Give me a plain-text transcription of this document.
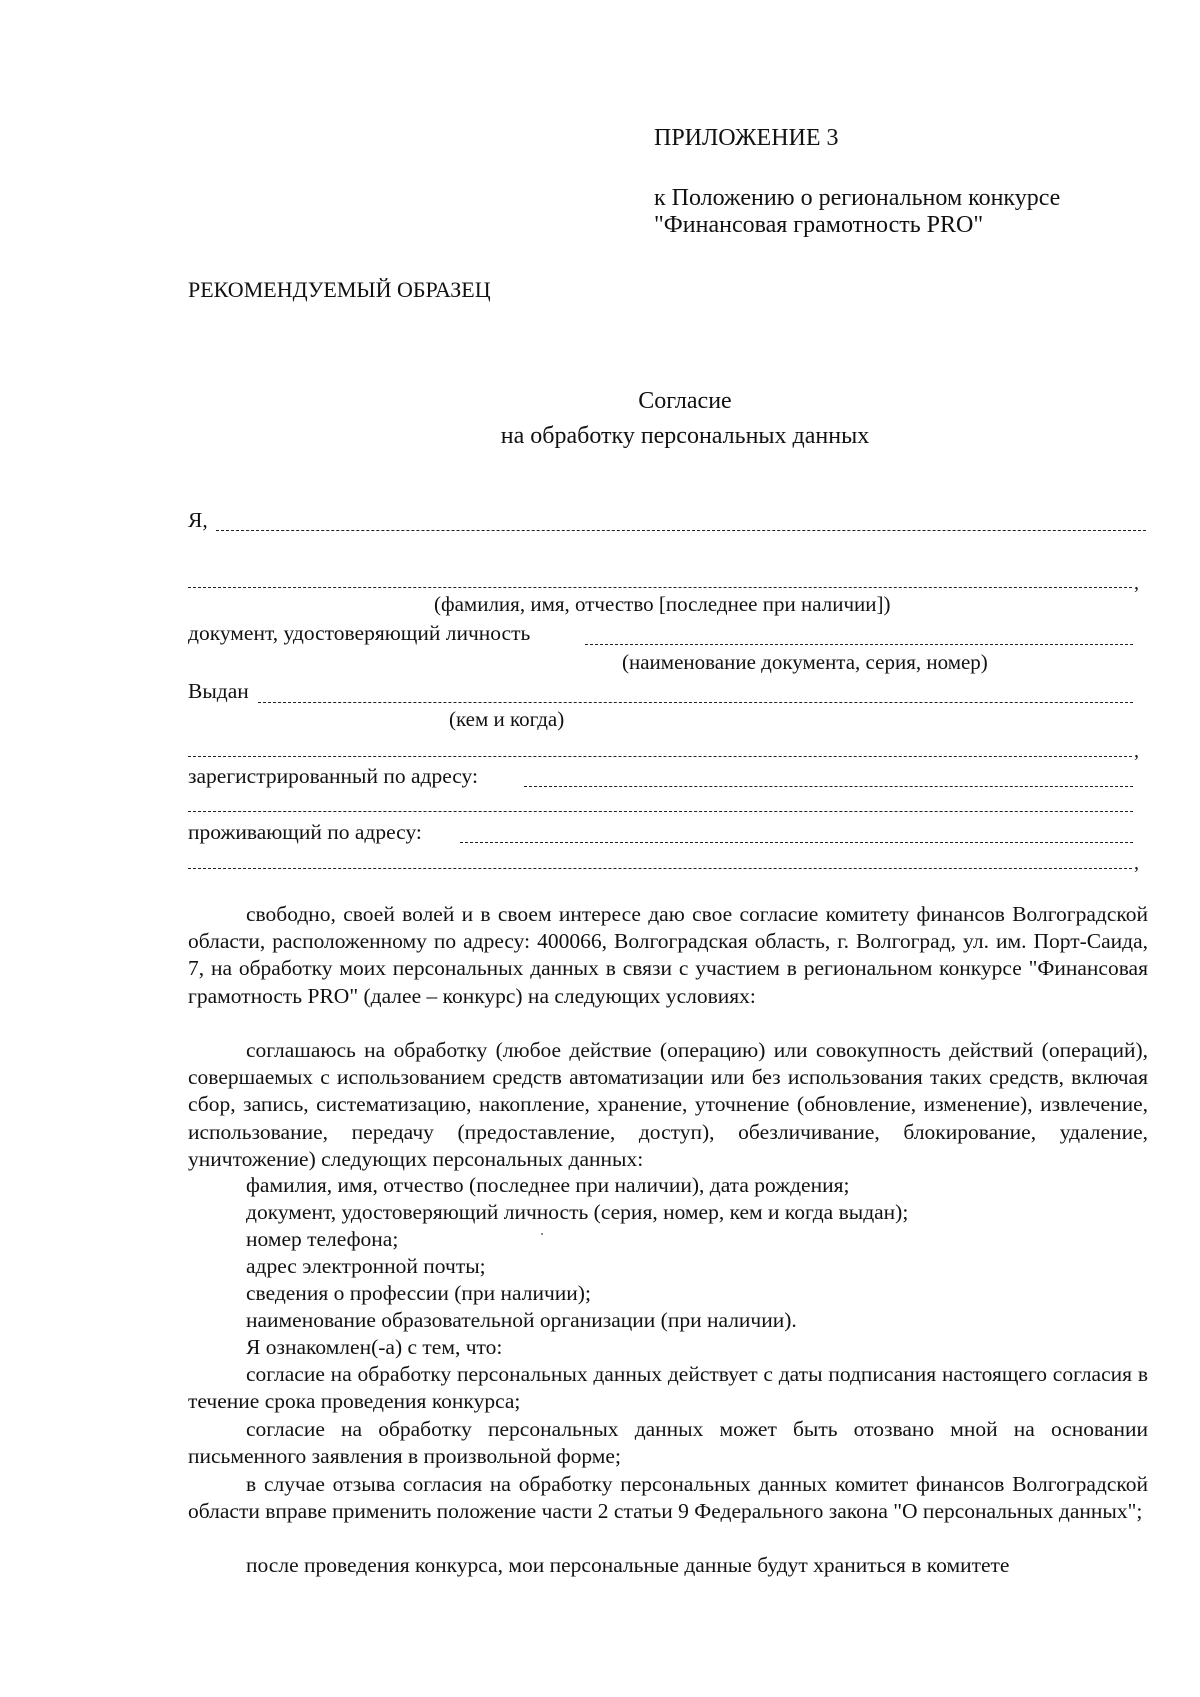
ПРИЛОЖЕНИЕ 3
к Положению о региональном конкурсе
"Финансовая грамотность PRO"
РЕКОМЕНДУЕМЫЙ ОБРАЗЕЦ
Согласие
на обработку персональных данных
Я,
,
(фамилия, имя, отчество [последнее при наличии])
документ, удостоверяющий личность
(наименование документа, серия, номер)
Выдан
(кем и когда)
,
зарегистрированный по адресу:
проживающий по адресу:
,
свободно, своей волей и в своем интересе даю свое согласие комитету финансов Волгоградской области, расположенному по адресу: 400066, Волгоградская область, г. Волгоград, ул. им. Порт-Саида, 7, на обработку моих персональных данных в связи с участием в региональном конкурсе "Финансовая грамотность PRO" (далее – конкурс) на следующих условиях:
соглашаюсь на обработку (любое действие (операцию) или совокупность действий (операций), совершаемых с использованием средств автоматизации или без использования таких средств, включая сбор, запись, систематизацию, накопление, хранение, уточнение (обновление, изменение), извлечение, использование, передачу (предоставление, доступ), обезличивание, блокирование, удаление, уничтожение) следующих персональных данных:
фамилия, имя, отчество (последнее при наличии), дата рождения;
документ, удостоверяющий личность (серия, номер, кем и когда выдан);
номер телефона;
адрес электронной почты;
сведения о профессии (при наличии);
наименование образовательной организации (при наличии).
Я ознакомлен(-а) с тем, что:
согласие на обработку персональных данных действует с даты подписания настоящего согласия в течение срока проведения конкурса;
согласие на обработку персональных данных может быть отозвано мной на основании письменного заявления в произвольной форме;
в случае отзыва согласия на обработку персональных данных комитет финансов Волгоградской области вправе применить положение части 2 статьи 9 Федерального закона "О персональных данных";
после проведения конкурса, мои персональные данные будут храниться в комитете
